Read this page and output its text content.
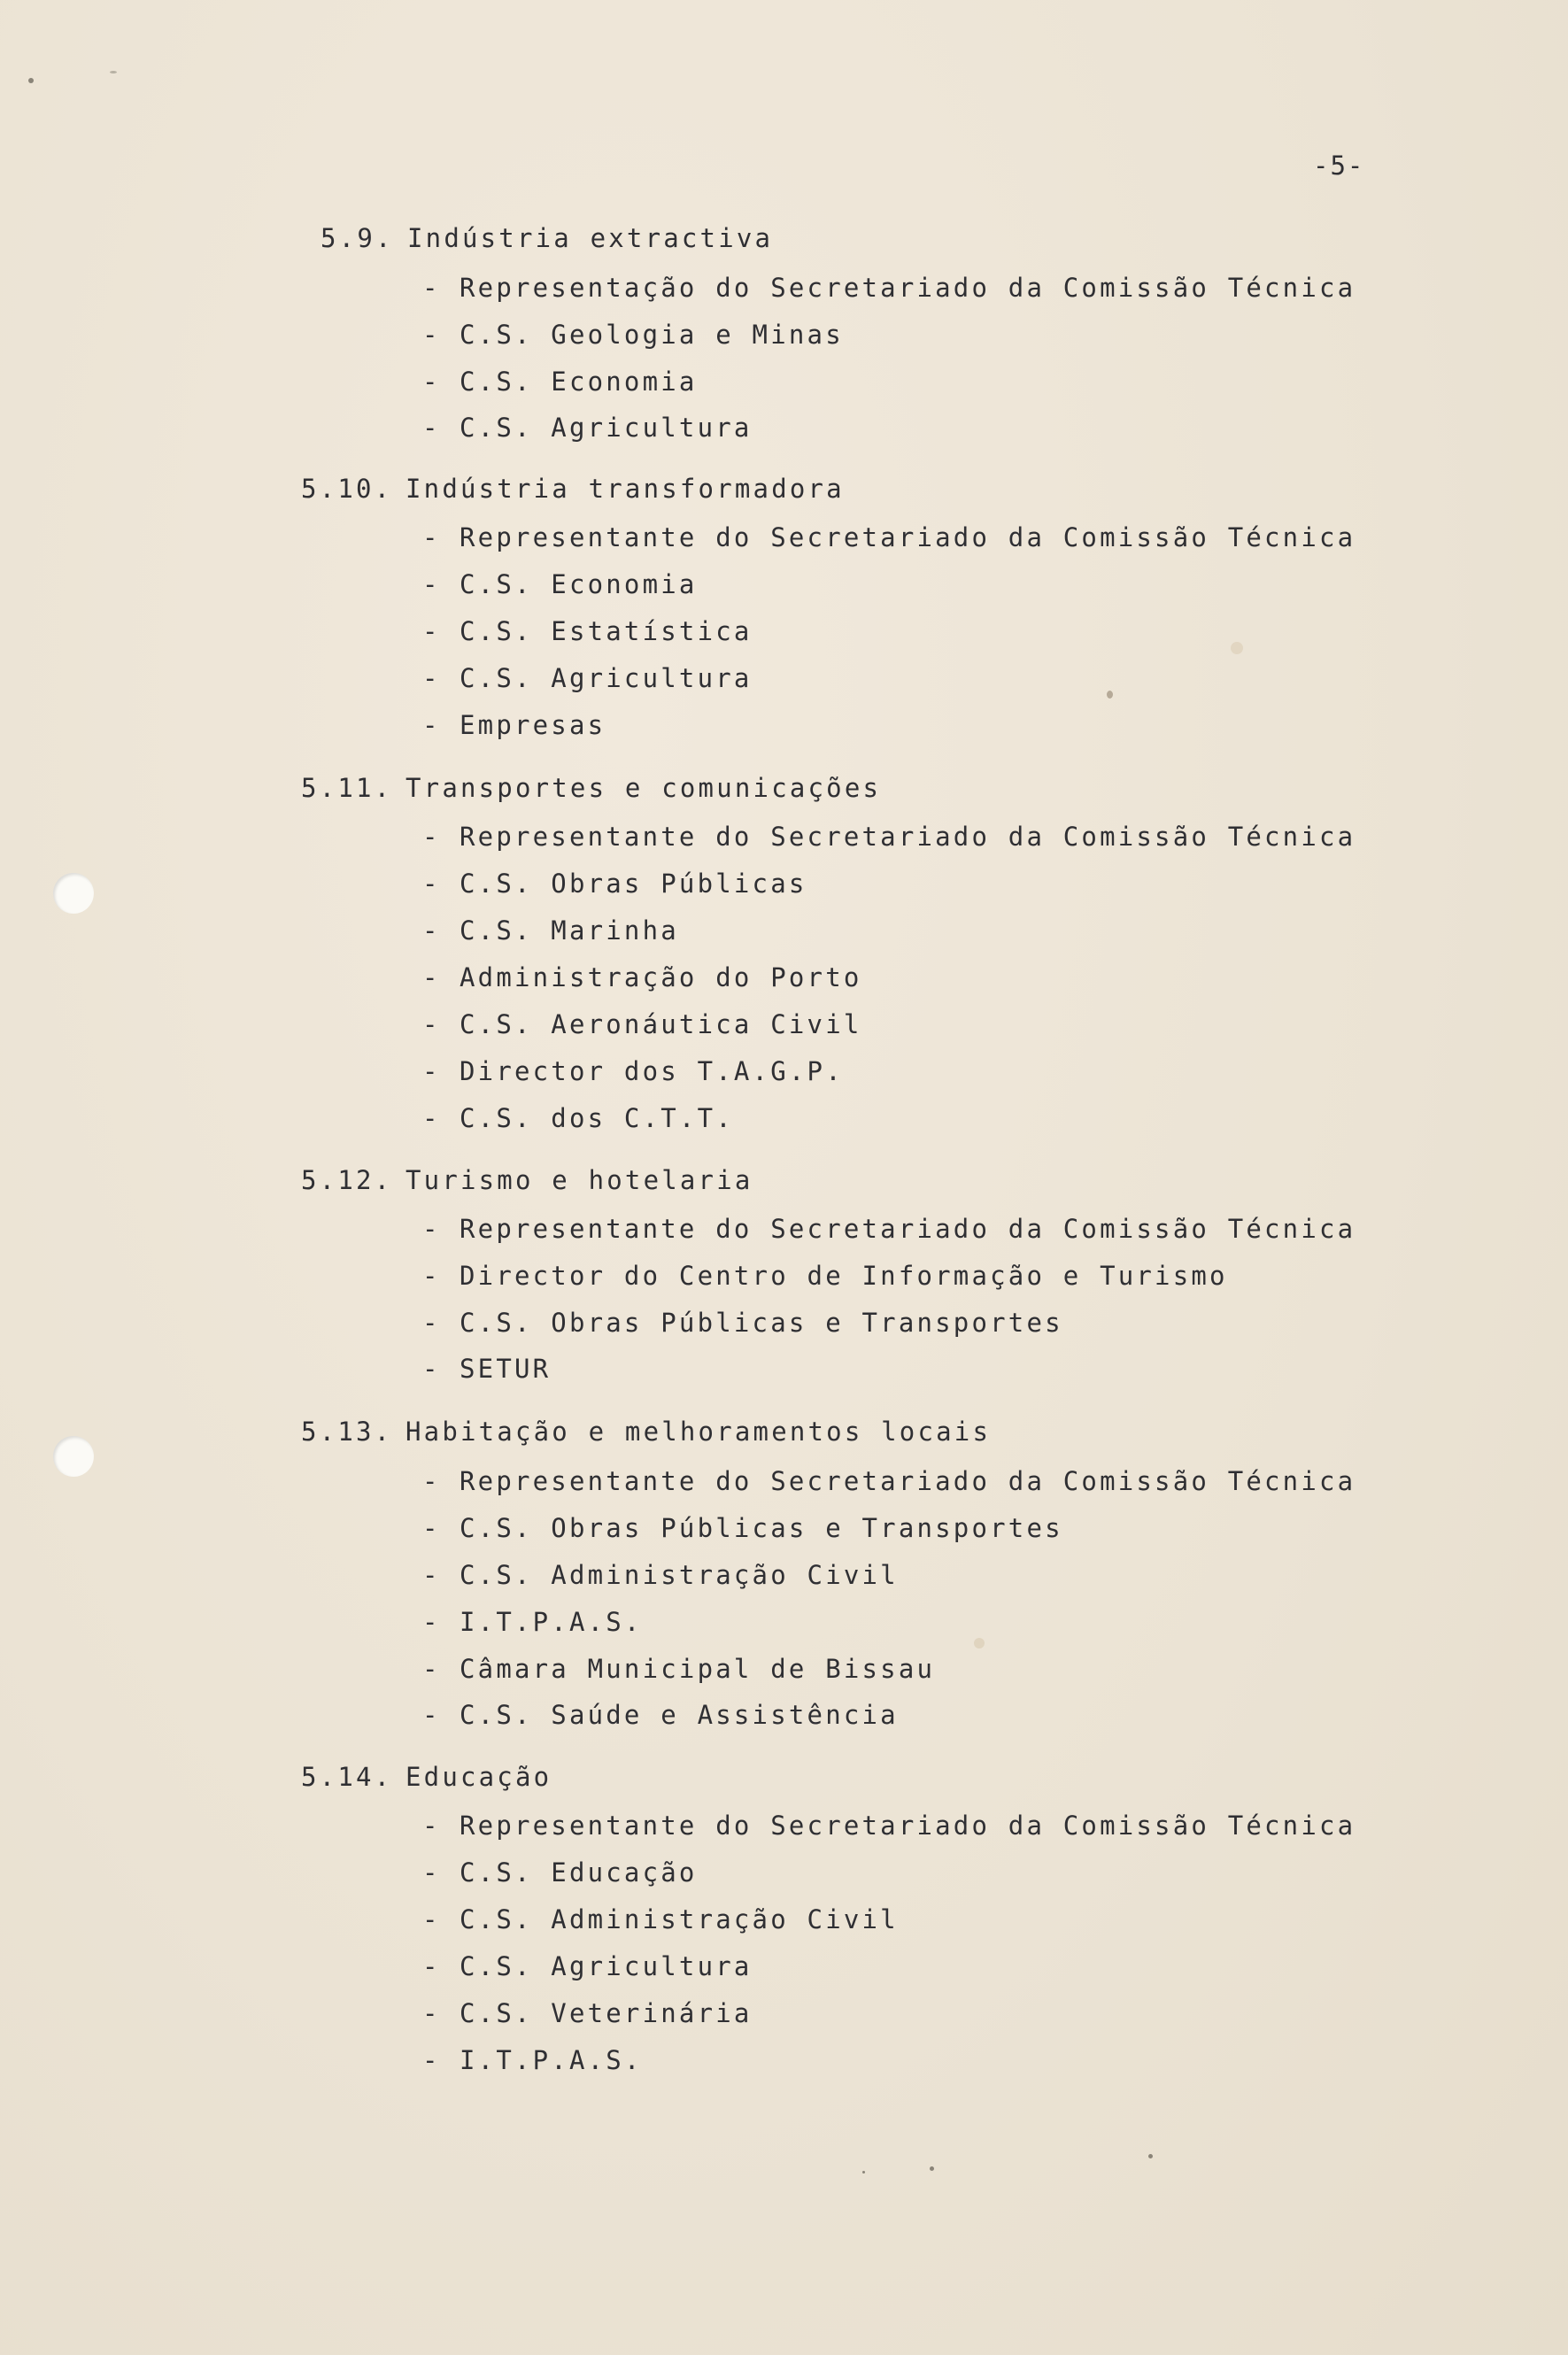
-5-
5.9. Indústria extractiva
- Representação do Secretariado da Comissão Técnica
- C.S. Geologia e Minas
- C.S. Economia
- C.S. Agricultura
5.10. Indústria transformadora
- Representante do Secretariado da Comissão Técnica
- C.S. Economia
- C.S. Estatística
- C.S. Agricultura
- Empresas
5.11. Transportes e comunicações
- Representante do Secretariado da Comissão Técnica
- C.S. Obras Públicas
- C.S. Marinha
- Administração do Porto
- C.S. Aeronáutica Civil
- Director dos T.A.G.P.
- C.S. dos C.T.T.
5.12. Turismo e hotelaria
- Representante do Secretariado da Comissão Técnica
- Director do Centro de Informação e Turismo
- C.S. Obras Públicas e Transportes
- SETUR
5.13. Habitação e melhoramentos locais
- Representante do Secretariado da Comissão Técnica
- C.S. Obras Públicas e Transportes
- C.S. Administração Civil
- I.T.P.A.S.
- Câmara Municipal de Bissau
- C.S. Saúde e Assistência
5.14. Educação
- Representante do Secretariado da Comissão Técnica
- C.S. Educação
- C.S. Administração Civil
- C.S. Agricultura
- C.S. Veterinária
- I.T.P.A.S.
